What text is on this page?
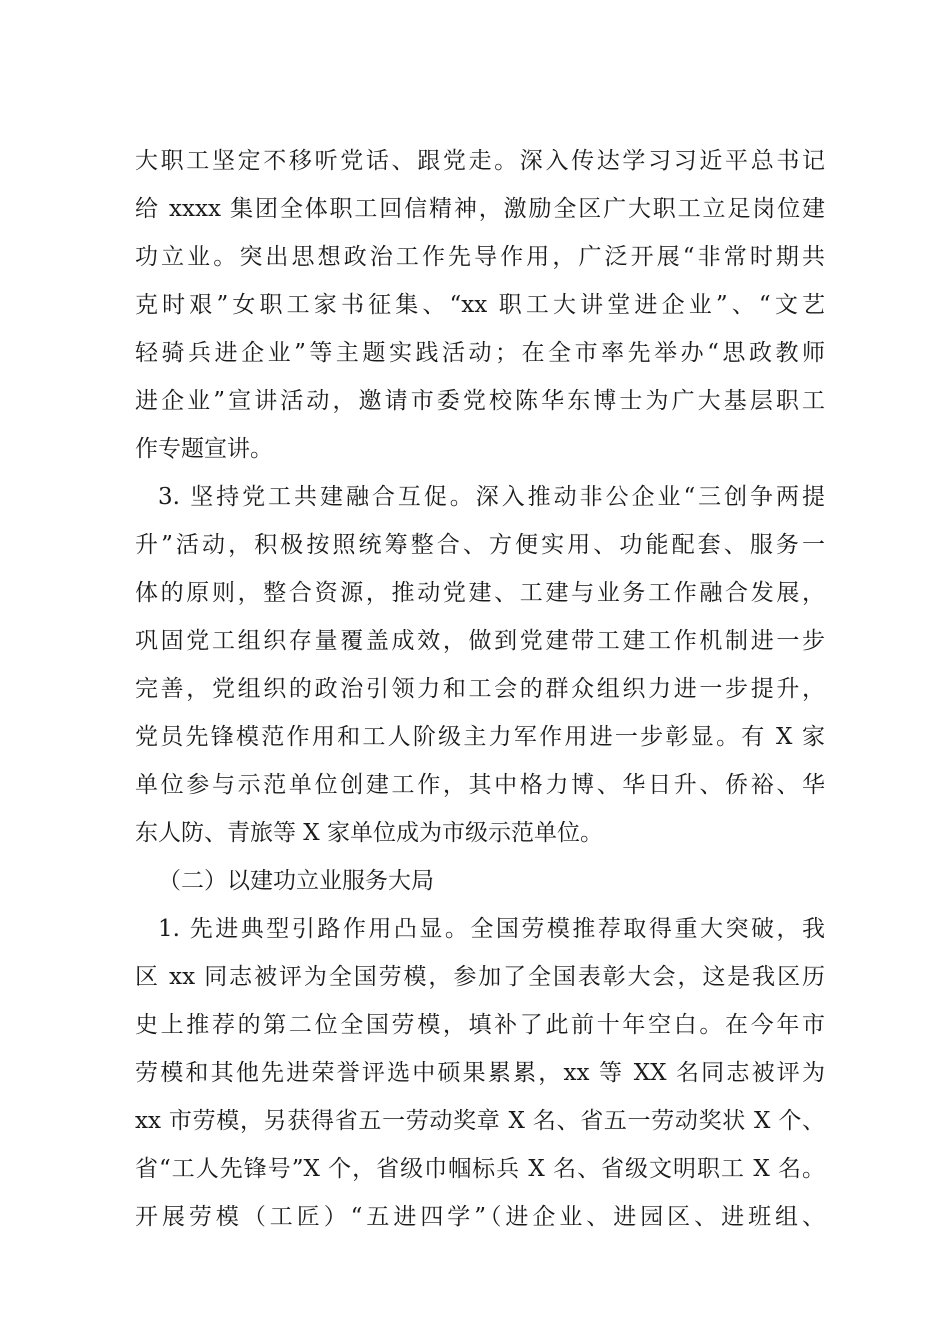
大职工坚定不移听党话、跟党走。深入传达学习习近平总书记
给 xxxx 集团全体职工回信精神，激励全区广大职工立足岗位建
功立业。突出思想政治工作先导作用，广泛开展“非常时期共
克时艰”女职工家书征集、“xx 职工大讲堂进企业”、“文艺
轻骑兵进企业”等主题实践活动；在全市率先举办“思政教师
进企业”宣讲活动，邀请市委党校陈华东博士为广大基层职工
作专题宣讲。
3. 坚持党工共建融合互促。深入推动非公企业“三创争两提
升”活动，积极按照统筹整合、方便实用、功能配套、服务一
体的原则，整合资源，推动党建、工建与业务工作融合发展，
巩固党工组织存量覆盖成效，做到党建带工建工作机制进一步
完善，党组织的政治引领力和工会的群众组织力进一步提升，
党员先锋模范作用和工人阶级主力军作用进一步彰显。有 X 家
单位参与示范单位创建工作，其中格力博、华日升、侨裕、华
东人防、青旅等 X 家单位成为市级示范单位。
（二）以建功立业服务大局
1. 先进典型引路作用凸显。全国劳模推荐取得重大突破，我
区 xx 同志被评为全国劳模，参加了全国表彰大会，这是我区历
史上推荐的第二位全国劳模，填补了此前十年空白。在今年市
劳模和其他先进荣誉评选中硕果累累，xx 等 XX 名同志被评为
xx 市劳模，另获得省五一劳动奖章 X 名、省五一劳动奖状 X 个、
省“工人先锋号”X 个，省级巾帼标兵 X 名、省级文明职工 X 名。
开展劳模（工匠）“五进四学”（进企业、进园区、进班组、
